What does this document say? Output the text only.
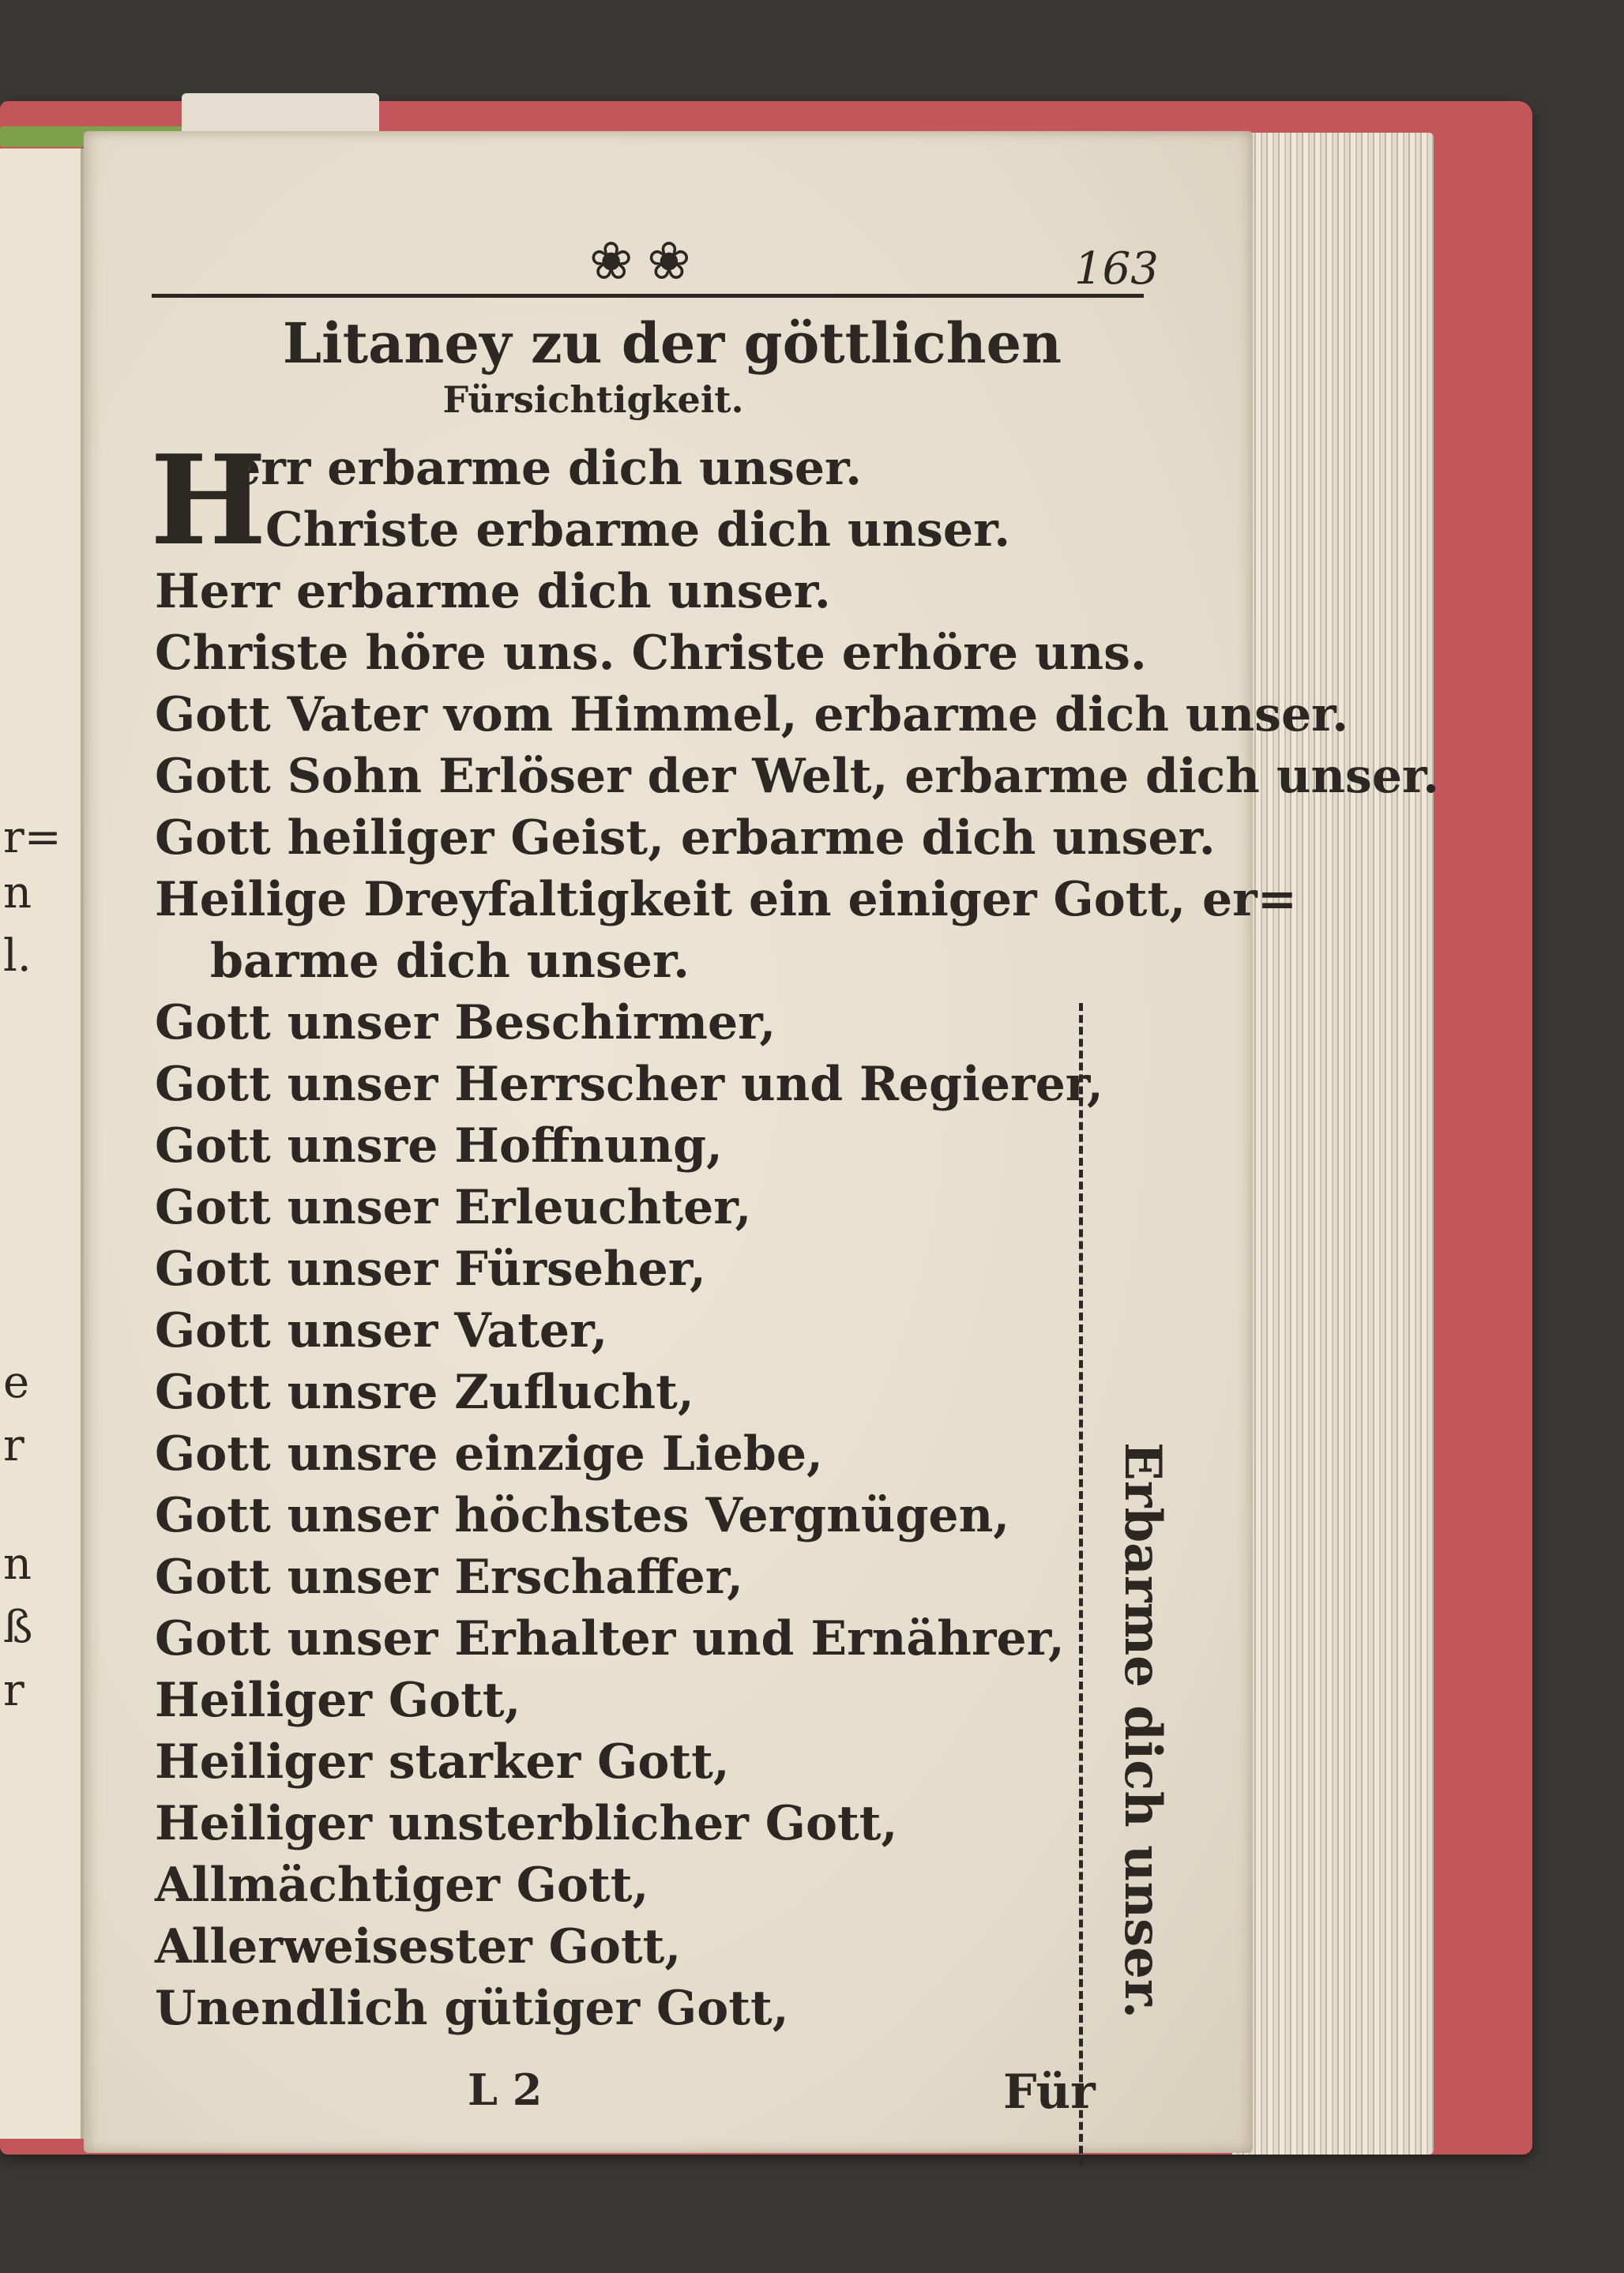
r=
n
l.
e
r
n
ß
r
❀❀	163
Litaney zu der göttlichen
Fürsichtigkeit.
H
err erbarme dich unser.
Christe erbarme dich unser.
Herr erbarme dich unser.
Christe höre uns. Christe erhöre uns.
Gott Vater vom Himmel, erbarme dich unser.
Gott Sohn Erlöser der Welt, erbarme dich unser.
Gott heiliger Geist, erbarme dich unser.
Heilige Dreyfaltigkeit ein einiger Gott, er=
barme dich unser.
Gott unser Beschirmer,
Gott unser Herrscher und Regierer,
Gott unsre Hoffnung,
Gott unser Erleuchter,
Gott unser Fürseher,
Gott unser Vater,
Gott unsre Zuflucht,
Gott unsre einzige Liebe,
Gott unser höchstes Vergnügen,
Gott unser Erschaffer,
Gott unser Erhalter und Ernährer,
Heiliger Gott,
Heiliger starker Gott,
Heiliger unsterblicher Gott,
Allmächtiger Gott,
Allerweisester Gott,
Unendlich gütiger Gott,	Erbarme dich unser.
L 2	Für
